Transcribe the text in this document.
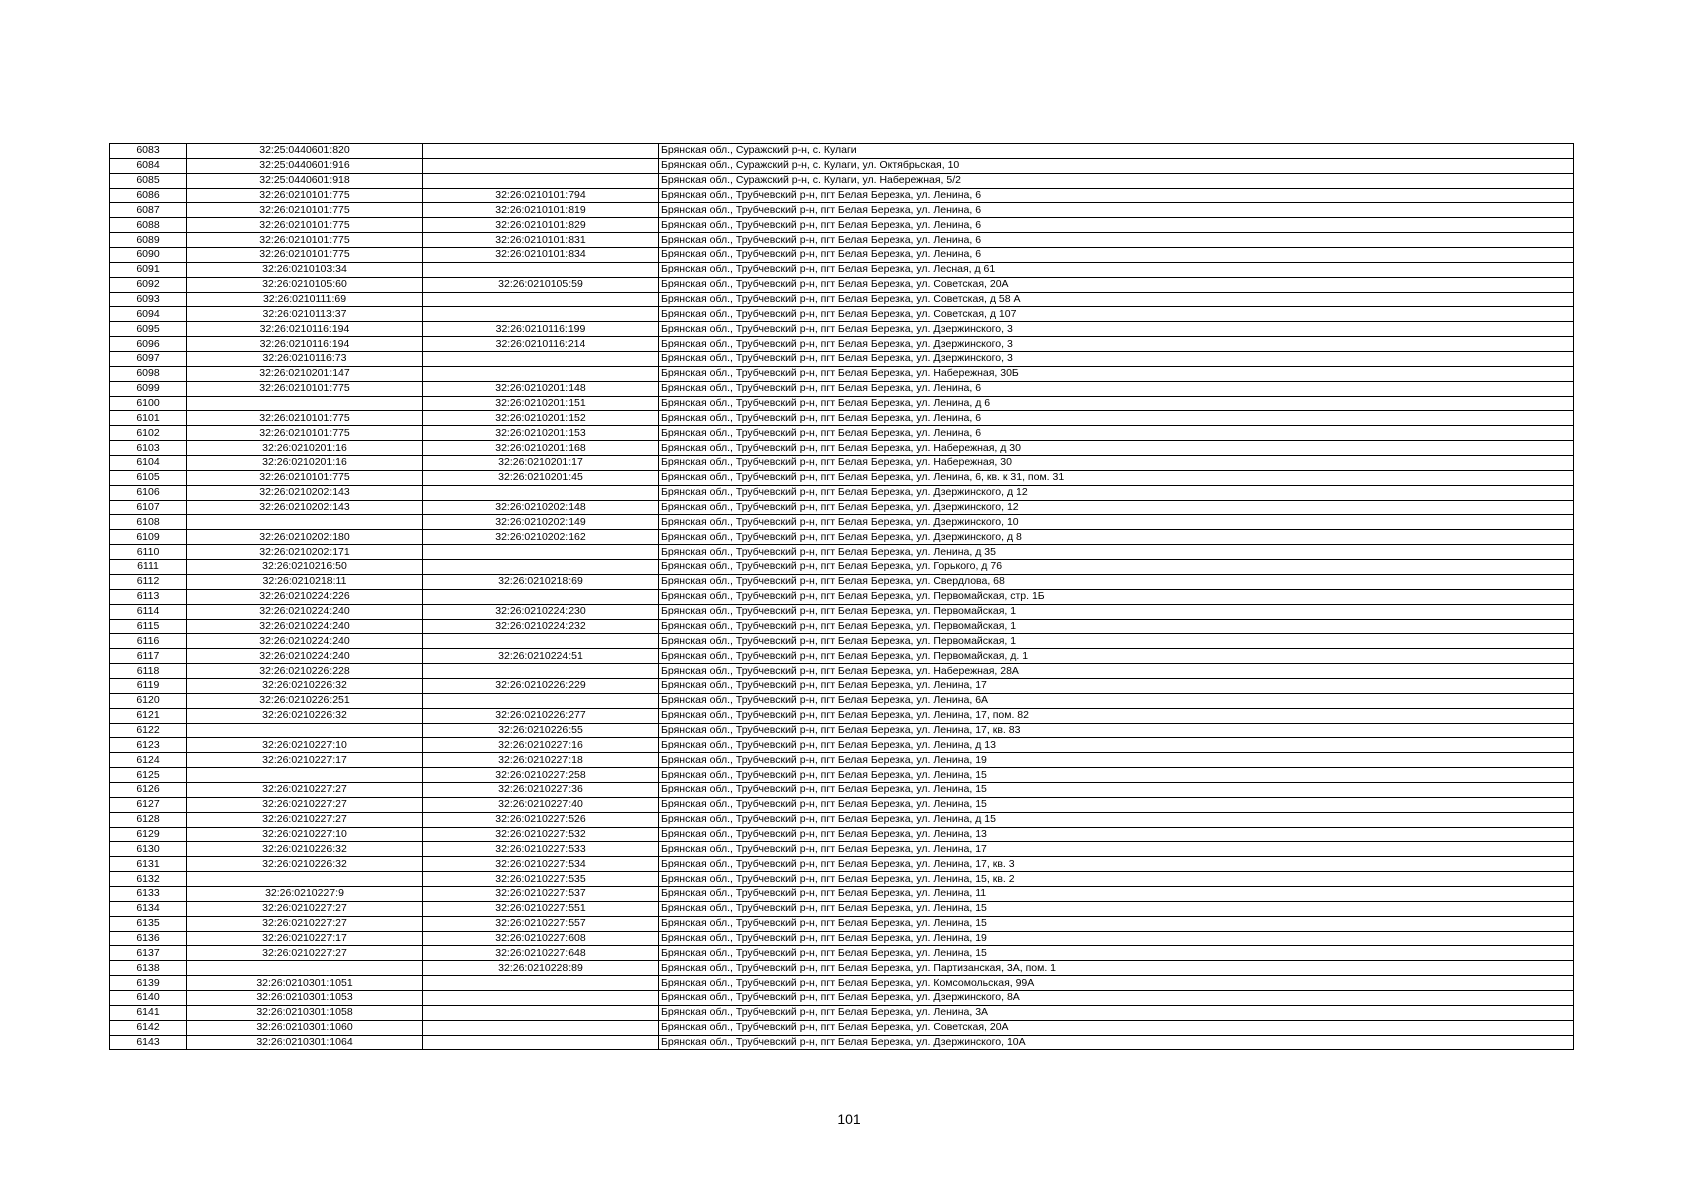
6083	32:25:0440601:820		Брянская обл., Суражский р-н, с. Кулаги
6084	32:25:0440601:916		Брянская обл., Суражский р-н, с. Кулаги, ул. Октябрьская, 10
6085	32:25:0440601:918		Брянская обл., Суражский р-н, с. Кулаги, ул. Набережная, 5/2
6086	32:26:0210101:775	32:26:0210101:794	Брянская обл., Трубчевский р-н, пгт Белая Березка, ул. Ленина, 6
6087	32:26:0210101:775	32:26:0210101:819	Брянская обл., Трубчевский р-н, пгт Белая Березка, ул. Ленина, 6
6088	32:26:0210101:775	32:26:0210101:829	Брянская обл., Трубчевский р-н, пгт Белая Березка, ул. Ленина, 6
6089	32:26:0210101:775	32:26:0210101:831	Брянская обл., Трубчевский р-н, пгт Белая Березка, ул. Ленина, 6
6090	32:26:0210101:775	32:26:0210101:834	Брянская обл., Трубчевский р-н, пгт Белая Березка, ул. Ленина, 6
6091	32:26:0210103:34		Брянская обл., Трубчевский р-н, пгт Белая Березка, ул. Лесная, д 61
6092	32:26:0210105:60	32:26:0210105:59	Брянская обл., Трубчевский р-н, пгт Белая Березка, ул. Советская, 20А
6093	32:26:0210111:69		Брянская обл., Трубчевский р-н, пгт Белая Березка, ул. Советская, д 58 А
6094	32:26:0210113:37		Брянская обл., Трубчевский р-н, пгт Белая Березка, ул. Советская, д 107
6095	32:26:0210116:194	32:26:0210116:199	Брянская обл., Трубчевский р-н, пгт Белая Березка, ул. Дзержинского, 3
6096	32:26:0210116:194	32:26:0210116:214	Брянская обл., Трубчевский р-н, пгт Белая Березка, ул. Дзержинского, 3
6097	32:26:0210116:73		Брянская обл., Трубчевский р-н, пгт Белая Березка, ул. Дзержинского, 3
6098	32:26:0210201:147		Брянская обл., Трубчевский р-н, пгт Белая Березка, ул. Набережная, 30Б
6099	32:26:0210101:775	32:26:0210201:148	Брянская обл., Трубчевский р-н, пгт Белая Березка, ул. Ленина, 6
6100		32:26:0210201:151	Брянская обл., Трубчевский р-н, пгт Белая Березка, ул. Ленина, д 6
6101	32:26:0210101:775	32:26:0210201:152	Брянская обл., Трубчевский р-н, пгт Белая Березка, ул. Ленина, 6
6102	32:26:0210101:775	32:26:0210201:153	Брянская обл., Трубчевский р-н, пгт Белая Березка, ул. Ленина, 6
6103	32:26:0210201:16	32:26:0210201:168	Брянская обл., Трубчевский р-н, пгт Белая Березка, ул. Набережная, д 30
6104	32:26:0210201:16	32:26:0210201:17	Брянская обл., Трубчевский р-н, пгт Белая Березка, ул. Набережная, 30
6105	32:26:0210101:775	32:26:0210201:45	Брянская обл., Трубчевский р-н, пгт Белая Березка, ул. Ленина, 6, кв. к 31, пом. 31
6106	32:26:0210202:143		Брянская обл., Трубчевский р-н, пгт Белая Березка, ул. Дзержинского, д 12
6107	32:26:0210202:143	32:26:0210202:148	Брянская обл., Трубчевский р-н, пгт Белая Березка, ул. Дзержинского, 12
6108		32:26:0210202:149	Брянская обл., Трубчевский р-н, пгт Белая Березка, ул. Дзержинского, 10
6109	32:26:0210202:180	32:26:0210202:162	Брянская обл., Трубчевский р-н, пгт Белая Березка, ул. Дзержинского, д 8
6110	32:26:0210202:171		Брянская обл., Трубчевский р-н, пгт Белая Березка, ул. Ленина, д 35
6111	32:26:0210216:50		Брянская обл., Трубчевский р-н, пгт Белая Березка, ул. Горького, д 76
6112	32:26:0210218:11	32:26:0210218:69	Брянская обл., Трубчевский р-н, пгт Белая Березка, ул. Свердлова, 68
6113	32:26:0210224:226		Брянская обл., Трубчевский р-н, пгт Белая Березка, ул. Первомайская, стр. 1Б
6114	32:26:0210224:240	32:26:0210224:230	Брянская обл., Трубчевский р-н, пгт Белая Березка, ул. Первомайская, 1
6115	32:26:0210224:240	32:26:0210224:232	Брянская обл., Трубчевский р-н, пгт Белая Березка, ул. Первомайская, 1
6116	32:26:0210224:240		Брянская обл., Трубчевский р-н, пгт Белая Березка, ул. Первомайская, 1
6117	32:26:0210224:240	32:26:0210224:51	Брянская обл., Трубчевский р-н, пгт Белая Березка, ул. Первомайская, д. 1
6118	32:26:0210226:228		Брянская обл., Трубчевский р-н, пгт Белая Березка, ул. Набережная, 28А
6119	32:26:0210226:32	32:26:0210226:229	Брянская обл., Трубчевский р-н, пгт Белая Березка, ул. Ленина, 17
6120	32:26:0210226:251		Брянская обл., Трубчевский р-н, пгт Белая Березка, ул. Ленина, 6А
6121	32:26:0210226:32	32:26:0210226:277	Брянская обл., Трубчевский р-н, пгт Белая Березка, ул. Ленина, 17, пом. 82
6122		32:26:0210226:55	Брянская обл., Трубчевский р-н, пгт Белая Березка, ул. Ленина, 17, кв. 83
6123	32:26:0210227:10	32:26:0210227:16	Брянская обл., Трубчевский р-н, пгт Белая Березка, ул. Ленина, д 13
6124	32:26:0210227:17	32:26:0210227:18	Брянская обл., Трубчевский р-н, пгт Белая Березка, ул. Ленина, 19
6125		32:26:0210227:258	Брянская обл., Трубчевский р-н, пгт Белая Березка, ул. Ленина, 15
6126	32:26:0210227:27	32:26:0210227:36	Брянская обл., Трубчевский р-н, пгт Белая Березка, ул. Ленина, 15
6127	32:26:0210227:27	32:26:0210227:40	Брянская обл., Трубчевский р-н, пгт Белая Березка, ул. Ленина, 15
6128	32:26:0210227:27	32:26:0210227:526	Брянская обл., Трубчевский р-н, пгт Белая Березка, ул. Ленина, д 15
6129	32:26:0210227:10	32:26:0210227:532	Брянская обл., Трубчевский р-н, пгт Белая Березка, ул. Ленина, 13
6130	32:26:0210226:32	32:26:0210227:533	Брянская обл., Трубчевский р-н, пгт Белая Березка, ул. Ленина, 17
6131	32:26:0210226:32	32:26:0210227:534	Брянская обл., Трубчевский р-н, пгт Белая Березка, ул. Ленина, 17, кв. 3
6132		32:26:0210227:535	Брянская обл., Трубчевский р-н, пгт Белая Березка, ул. Ленина, 15, кв. 2
6133	32:26:0210227:9	32:26:0210227:537	Брянская обл., Трубчевский р-н, пгт Белая Березка, ул. Ленина, 11
6134	32:26:0210227:27	32:26:0210227:551	Брянская обл., Трубчевский р-н, пгт Белая Березка, ул. Ленина, 15
6135	32:26:0210227:27	32:26:0210227:557	Брянская обл., Трубчевский р-н, пгт Белая Березка, ул. Ленина, 15
6136	32:26:0210227:17	32:26:0210227:608	Брянская обл., Трубчевский р-н, пгт Белая Березка, ул. Ленина, 19
6137	32:26:0210227:27	32:26:0210227:648	Брянская обл., Трубчевский р-н, пгт Белая Березка, ул. Ленина, 15
6138		32:26:0210228:89	Брянская обл., Трубчевский р-н, пгт Белая Березка, ул. Партизанская, 3А, пом. 1
6139	32:26:0210301:1051		Брянская обл., Трубчевский р-н, пгт Белая Березка, ул. Комсомольская, 99А
6140	32:26:0210301:1053		Брянская обл., Трубчевский р-н, пгт Белая Березка, ул. Дзержинского, 8А
6141	32:26:0210301:1058		Брянская обл., Трубчевский р-н, пгт Белая Березка, ул. Ленина, 3А
6142	32:26:0210301:1060		Брянская обл., Трубчевский р-н, пгт Белая Березка, ул. Советская, 20А
6143	32:26:0210301:1064		Брянская обл., Трубчевский р-н, пгт Белая Березка, ул. Дзержинского, 10А
101
